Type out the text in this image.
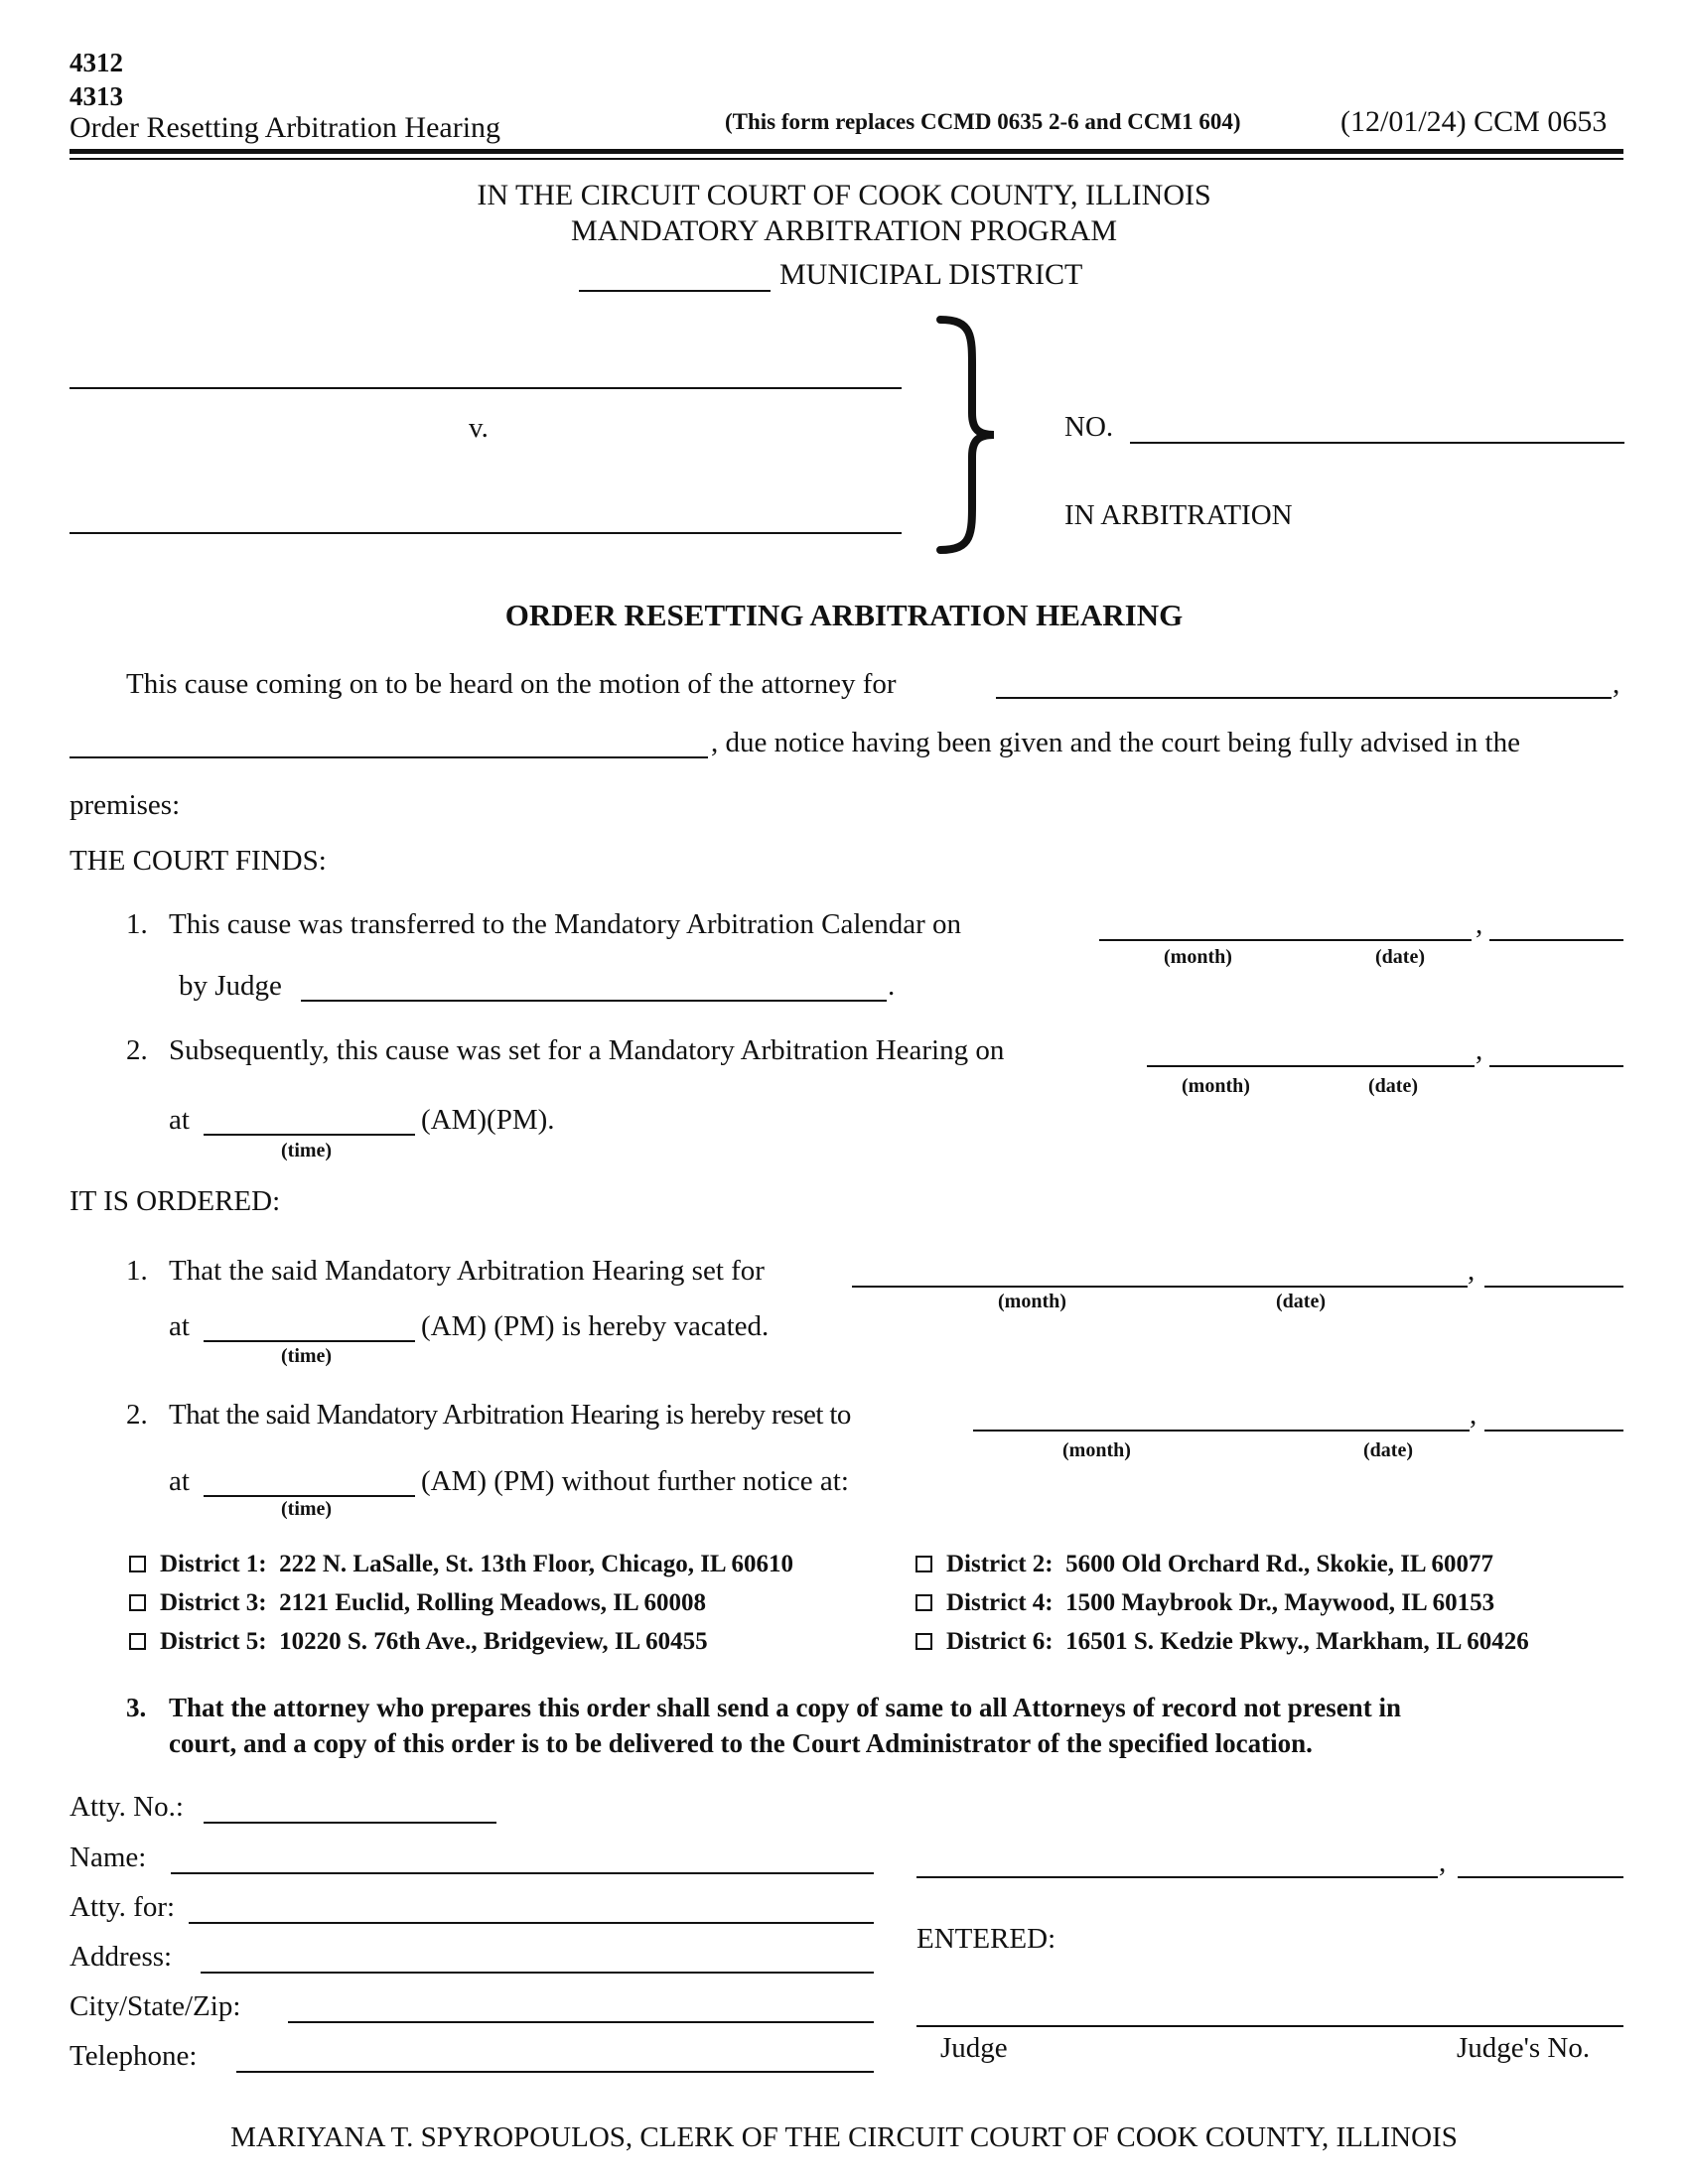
4312
4313
Order Resetting Arbitration Hearing	(This form replaces CCMD 0635 2-6 and CCM1 604)	(12/01/24) CCM 0653
IN THE CIRCUIT COURT OF COOK COUNTY, ILLINOIS
MANDATORY ARBITRATION PROGRAM
MUNICIPAL DISTRICT
v.	NO.
IN ARBITRATION
ORDER RESETTING ARBITRATION HEARING
This cause coming on to be heard on the motion of the attorney for	,
, due notice having been given and the court being fully advised in the
premises:
THE COURT FINDS:
1. This cause was transferred to the Mandatory Arbitration Calendar on	,
(month)	(date)
by Judge	.
2. Subsequently, this cause was set for a Mandatory Arbitration Hearing on	,
(month)	(date)
at	(AM)(PM).
(time)
IT IS ORDERED:
1. That the said Mandatory Arbitration Hearing set for	,
(month)	(date)
at	(AM) (PM) is hereby vacated.
(time)
2. That the said Mandatory Arbitration Hearing is hereby reset to	,
(month)	(date)
at	(AM) (PM) without further notice at:
(time)
District 1: 222 N. LaSalle, St. 13th Floor, Chicago, IL 60610	District 2: 5600 Old Orchard Rd., Skokie, IL 60077
District 3: 2121 Euclid, Rolling Meadows, IL 60008	District 4: 1500 Maybrook Dr., Maywood, IL 60153
District 5: 10220 S. 76th Ave., Bridgeview, IL 60455	District 6: 16501 S. Kedzie Pkwy., Markham, IL 60426
3. That the attorney who prepares this order shall send a copy of same to all Attorneys of record not present in
court, and a copy of this order is to be delivered to the Court Administrator of the specified location.
Atty. No.:
Name:
Atty. for:
Address:
City/State/Zip:
Telephone:
,
ENTERED:
Judge	Judge's No.
MARIYANA T. SPYROPOULOS, CLERK OF THE CIRCUIT COURT OF COOK COUNTY, ILLINOIS
